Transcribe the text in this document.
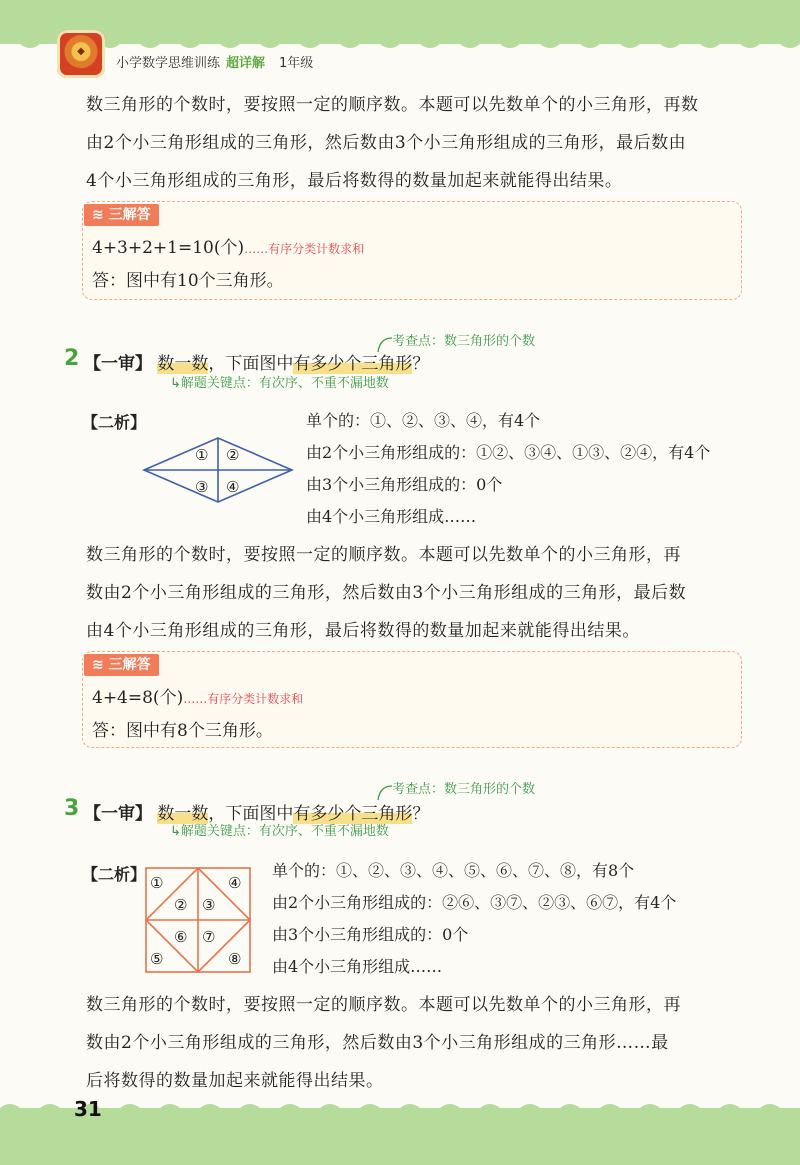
◆
小学数学思维训练 超详解 1年级
数三角形的个数时，要按照一定的顺序数。本题可以先数单个的小三角形，再数
由2个小三角形组成的三角形，然后数由3个小三角形组成的三角形，最后数由
4个小三角形组成的三角形，最后将数得的数量加起来就能得出结果。
≋ 三解答
4+3+2+1=10(个)……有序分类计数求和
答：图中有10个三角形。
考查点：数三角形的个数
2 【一审】 数一数，下面图中有多少个三角形？
↳解题关键点：有次序、不重不漏地数
【二析】
① ②
③ ④
单个的：①、②、③、④，有4个
由2个小三角形组成的：①②、③④、①③、②④，有4个
由3个小三角形组成的：0个
由4个小三角形组成……
数三角形的个数时，要按照一定的顺序数。本题可以先数单个的小三角形，再
数由2个小三角形组成的三角形，然后数由3个小三角形组成的三角形，最后数
由4个小三角形组成的三角形，最后将数得的数量加起来就能得出结果。
≋ 三解答
4+4=8(个)……有序分类计数求和
答：图中有8个三角形。
考查点：数三角形的个数
3 【一审】 数一数，下面图中有多少个三角形？
↳解题关键点：有次序、不重不漏地数
【二析】 ①
② ③
④
⑤
⑥ ⑦
⑧
单个的：①、②、③、④、⑤、⑥、⑦、⑧，有8个
由2个小三角形组成的：②⑥、③⑦、②③、⑥⑦，有4个
由3个小三角形组成的：0个
由4个小三角形组成……
数三角形的个数时，要按照一定的顺序数。本题可以先数单个的小三角形，再
数由2个小三角形组成的三角形，然后数由3个小三角形组成的三角形……最
后将数得的数量加起来就能得出结果。
31
